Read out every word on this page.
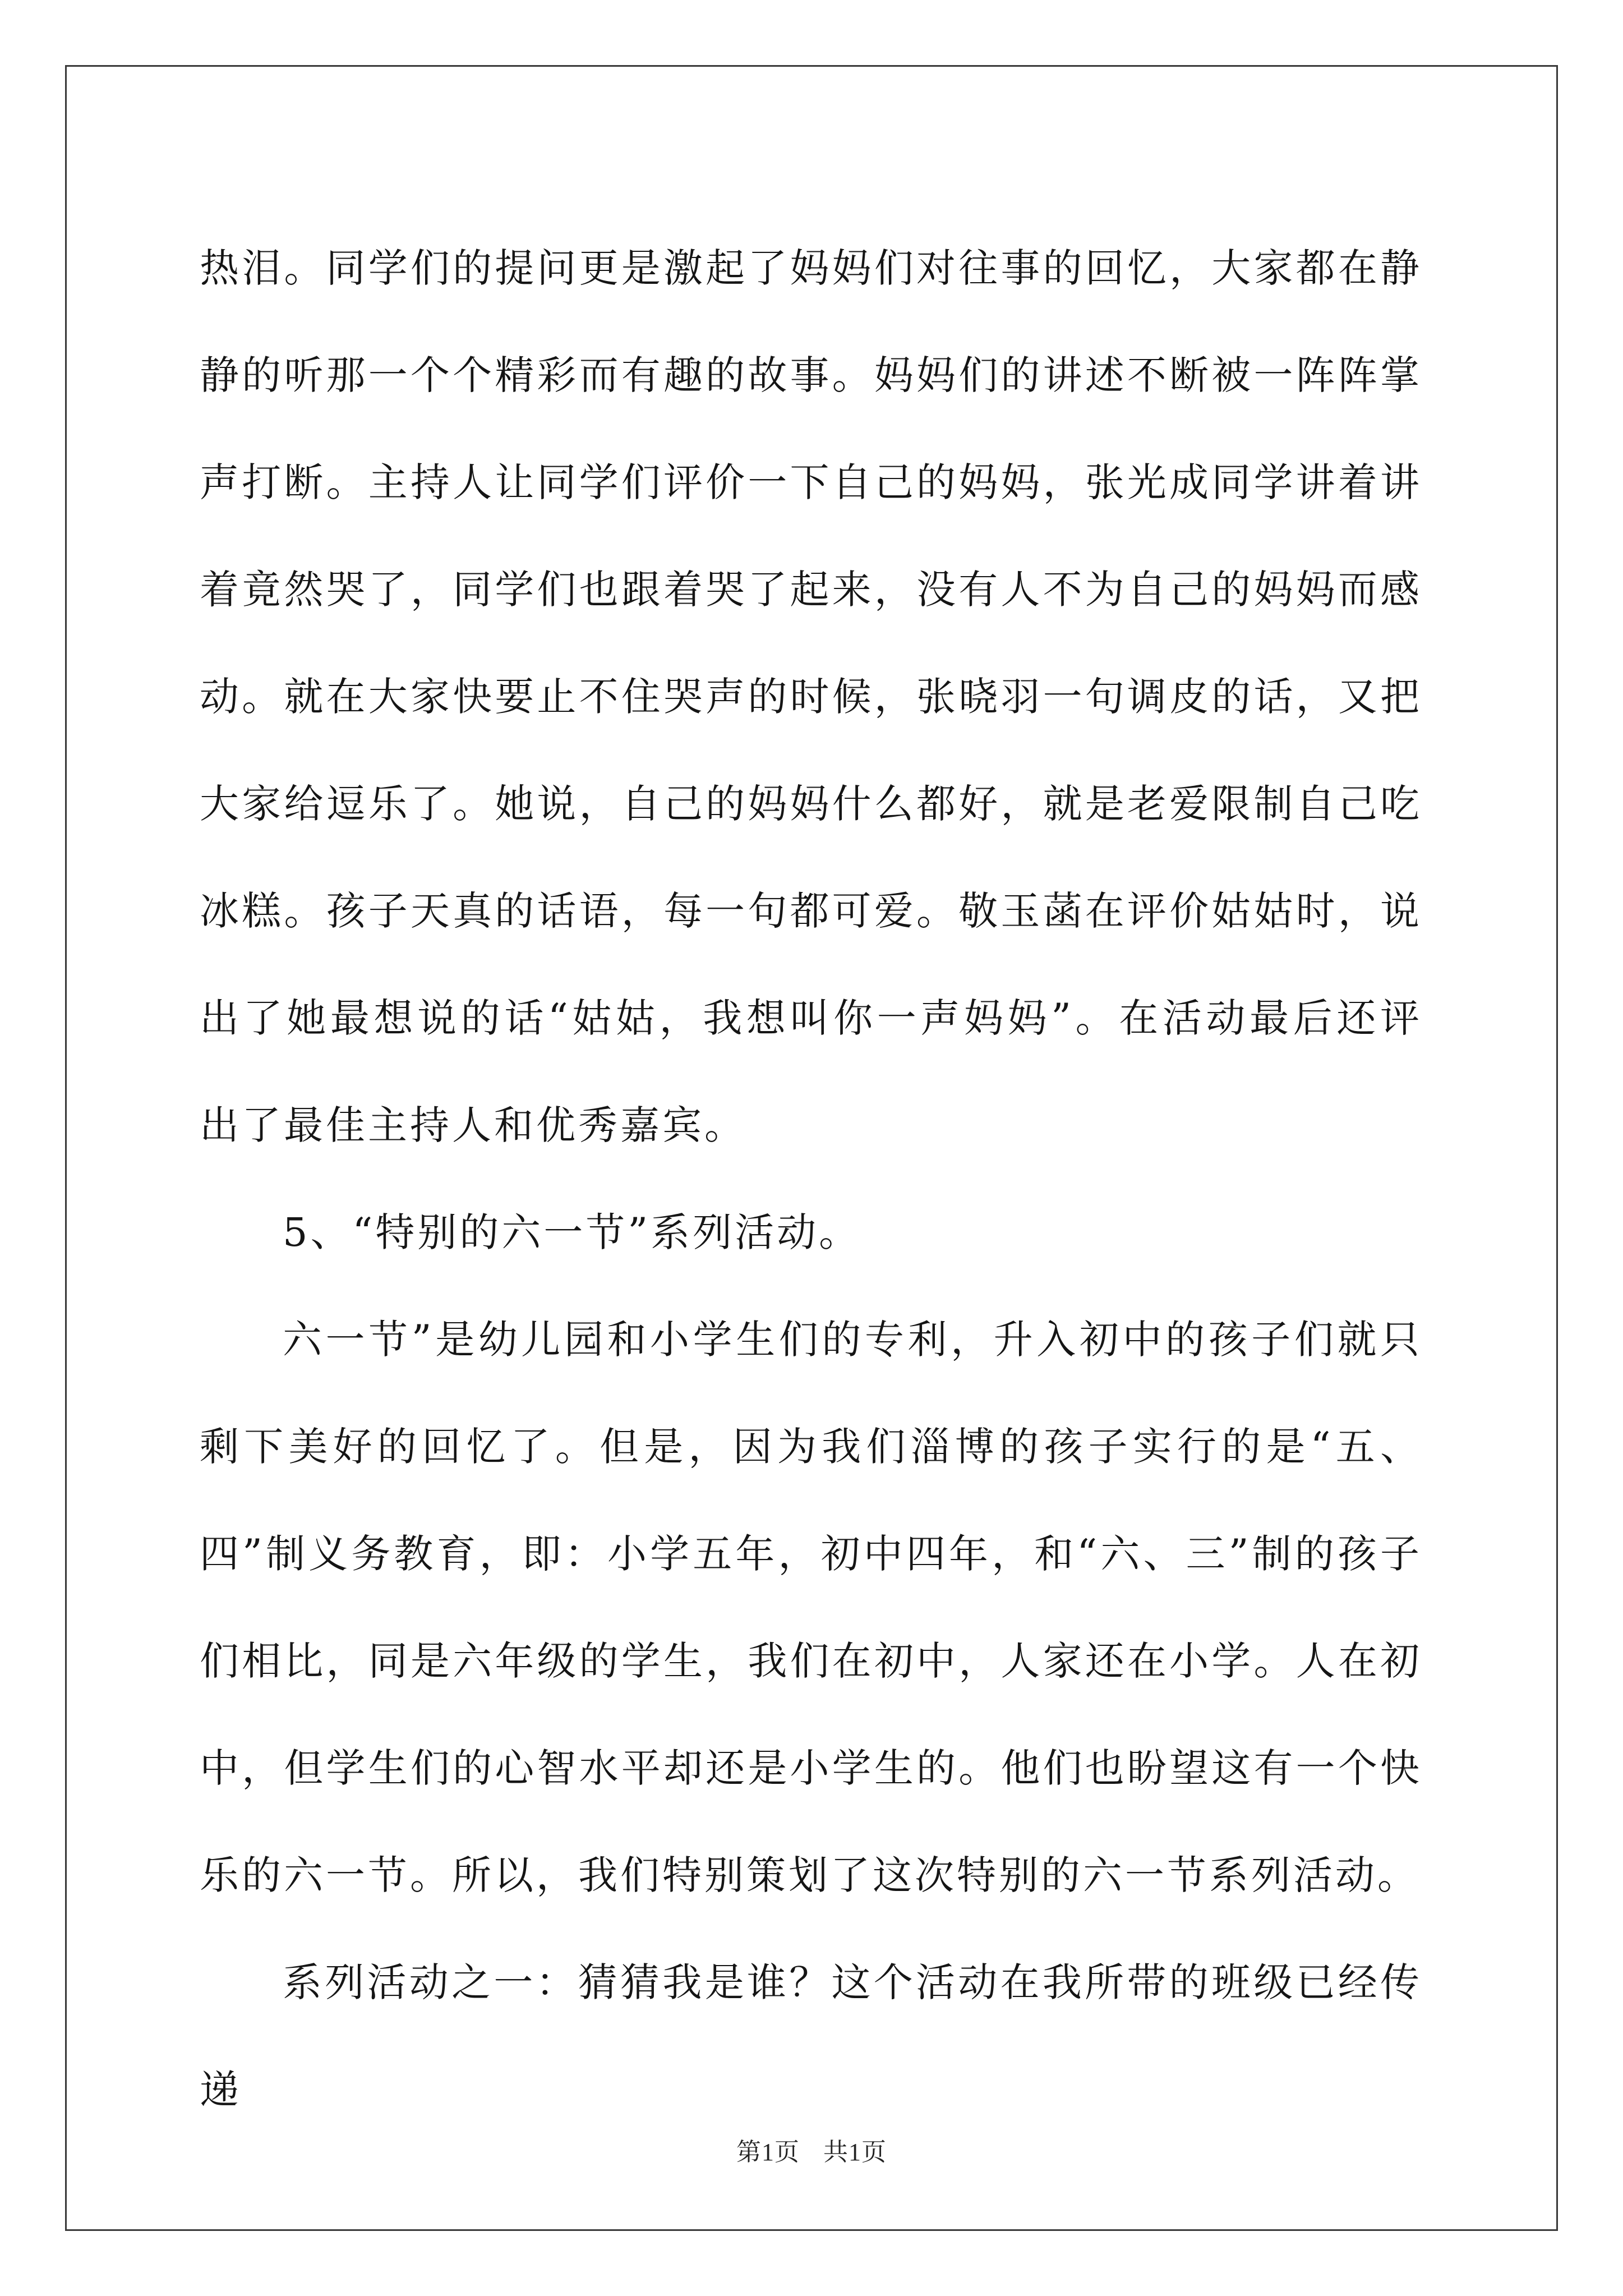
热泪。同学们的提问更是激起了妈妈们对往事的回忆，大家都在静静的听那一个个精彩而有趣的故事。妈妈们的讲述不断被一阵阵掌声打断。主持人让同学们评价一下自己的妈妈，张光成同学讲着讲着竟然哭了，同学们也跟着哭了起来，没有人不为自己的妈妈而感动。就在大家快要止不住哭声的时候，张晓羽一句调皮的话，又把大家给逗乐了。她说，自己的妈妈什么都好，就是老爱限制自己吃冰糕。孩子天真的话语，每一句都可爱。敬玉菡在评价姑姑时，说出了她最想说的话“姑姑，我想叫你一声妈妈”。在活动最后还评出了最佳主持人和优秀嘉宾。

5、“特别的六一节”系列活动。

六一节”是幼儿园和小学生们的专利，升入初中的孩子们就只剩下美好的回忆了。但是，因为我们淄博的孩子实行的是“五、四”制义务教育，即：小学五年，初中四年，和“六、三”制的孩子们相比，同是六年级的学生，我们在初中，人家还在小学。人在初中，但学生们的心智水平却还是小学生的。他们也盼望这有一个快乐的六一节。所以，我们特别策划了这次特别的六一节系列活动。

系列活动之一：猜猜我是谁？这个活动在我所带的班级已经传递

第1页 共1页
